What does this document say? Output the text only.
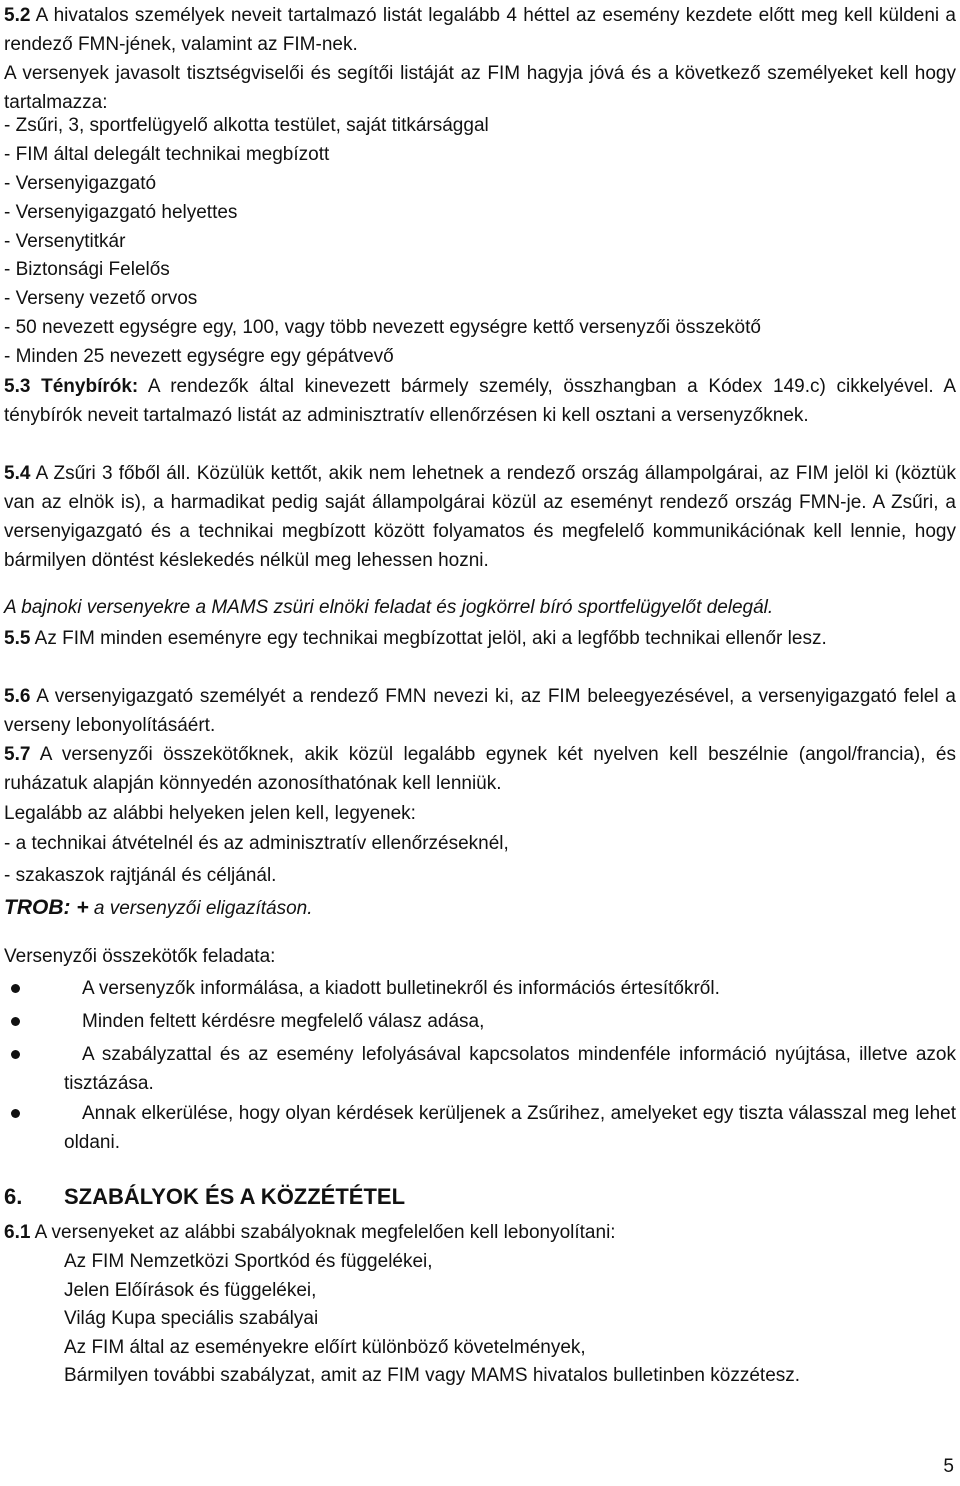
5.2 A hivatalos személyek neveit tartalmazó listát legalább 4 héttel az esemény kezdete előtt meg kell küldeni a rendező FMN-jének, valamint az FIM-nek.

A versenyek javasolt tisztségviselői és segítői listáját az FIM hagyja jóvá és a következő személyeket kell hogy tartalmazza:

- Zsűri, 3, sportfelügyelő alkotta testület, saját titkársággal

- FIM által delegált technikai megbízott

- Versenyigazgató

- Versenyigazgató helyettes

- Versenytitkár

- Biztonsági Felelős

- Verseny vezető orvos

- 50 nevezett egységre egy, 100, vagy több nevezett egységre kettő versenyzői összekötő

- Minden 25 nevezett egységre egy gépátvevő

5.3 Ténybírók: A rendezők által kinevezett bármely személy, összhangban a Kódex 149.c) cikkelyével. A ténybírók neveit tartalmazó listát az adminisztratív ellenőrzésen ki kell osztani a versenyzőknek.

5.4 A Zsűri 3 főből áll. Közülük kettőt, akik nem lehetnek a rendező ország állampolgárai, az FIM jelöl ki (köztük van az elnök is), a harmadikat pedig saját állampolgárai közül az eseményt rendező ország FMN-je. A Zsűri, a versenyigazgató és a technikai megbízott között folyamatos és megfelelő kommunikációnak kell lennie, hogy bármilyen döntést késlekedés nélkül meg lehessen hozni.

A bajnoki versenyekre a MAMS zsüri elnöki feladat és jogkörrel bíró sportfelügyelőt delegál.

5.5 Az FIM minden eseményre egy technikai megbízottat jelöl, aki a legfőbb technikai ellenőr lesz.

5.6 A versenyigazgató személyét a rendező FMN nevezi ki, az FIM beleegyezésével, a versenyigazgató felel a verseny lebonyolításáért.

5.7 A versenyzői összekötőknek, akik közül legalább egynek két nyelven kell beszélnie (angol/francia), és ruházatuk alapján könnyedén azonosíthatónak kell lenniük.

Legalább az alábbi helyeken jelen kell, legyenek:

- a technikai átvételnél és az adminisztratív ellenőrzéseknél,

- szakaszok rajtjánál és céljánál.

TROB: + a versenyzői eligazításon.

Versenyzői összekötők feladata:

A versenyzők informálása, a kiadott bulletinekről és információs értesítőkről.

Minden feltett kérdésre megfelelő válasz adása,

A szabályzattal és az esemény lefolyásával kapcsolatos mindenféle információ nyújtása, illetve azok tisztázása.

Annak elkerülése, hogy olyan kérdések kerüljenek a Zsűrihez, amelyeket egy tiszta válasszal meg lehet oldani.

6. SZABÁLYOK ÉS A KÖZZÉTÉTEL

6.1 A versenyeket az alábbi szabályoknak megfelelően kell lebonyolítani:

Az FIM Nemzetközi Sportkód és függelékei,

Jelen Előírások és függelékei,

Világ Kupa speciális szabályai

Az FIM által az eseményekre előírt különböző követelmények,

Bármilyen további szabályzat, amit az FIM vagy MAMS hivatalos bulletinben közzétesz.

5
